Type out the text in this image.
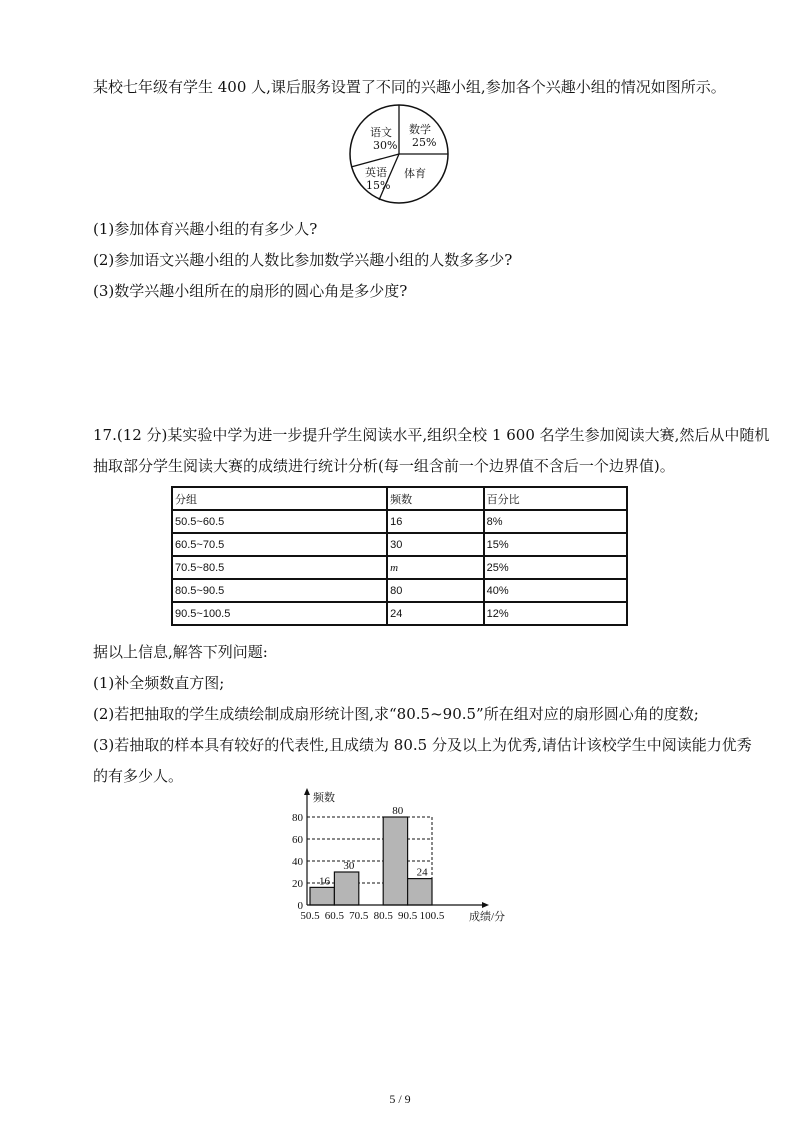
某校七年级有学生 400 人,课后服务设置了不同的兴趣小组,参加各个兴趣小组的情况如图所示。
语文
30%
数学
25%
体育
英语
15%
(1)参加体育兴趣小组的有多少人?
(2)参加语文兴趣小组的人数比参加数学兴趣小组的人数多多少?
(3)数学兴趣小组所在的扇形的圆心角是多少度?
17.(12 分)某实验中学为进一步提升学生阅读水平,组织全校 1 600 名学生参加阅读大赛,然后从中随机
抽取部分学生阅读大赛的成绩进行统计分析(每一组含前一个边界值不含后一个边界值)。
分组	频数	百分比
50.5~60.5	16	8%
60.5~70.5	30	15%
70.5~80.5	m	25%
80.5~90.5	80	40%
90.5~100.5	24	12%
据以上信息,解答下列问题:
(1)补全频数直方图;
(2)若把抽取的学生成绩绘制成扇形统计图,求“80.5~90.5”所在组对应的扇形圆心角的度数;
(3)若抽取的样本具有较好的代表性,且成绩为 80.5 分及以上为优秀,请估计该校学生中阅读能力优秀
的有多少人。
16
30
80
24
0
20
40
60
80
50.5 60.5 70.5 80.5 90.5 100.5
频数
成绩/分
5 / 9
